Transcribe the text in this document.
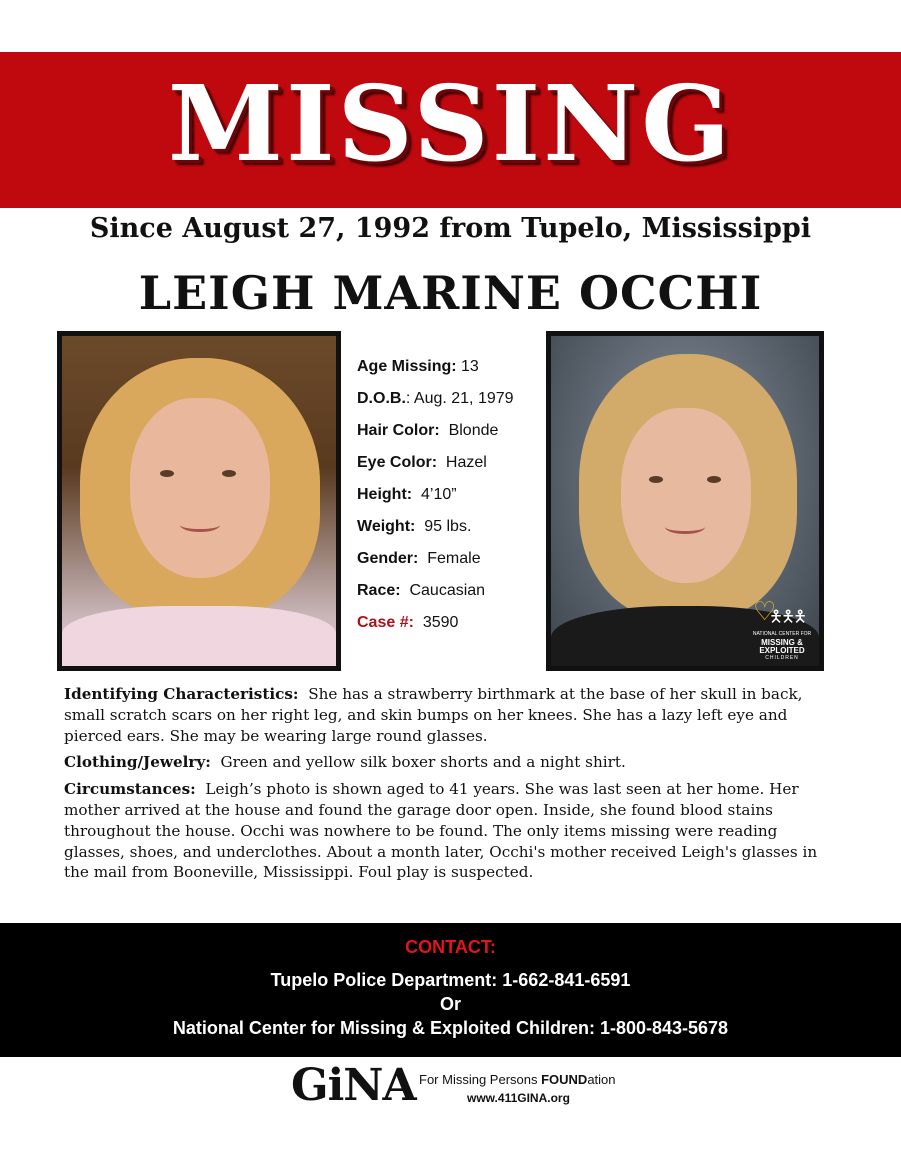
MISSING
Since August 27, 1992 from Tupelo, Mississippi
LEIGH MARINE OCCHI
Age Missing: 13
D.O.B.: Aug. 21, 1979
Hair Color: Blonde
Eye Color: Hazel
Height: 4’10”
Weight: 95 lbs.
Gender: Female
Race: Caucasian
Case #: 3590	♡
🯅🯅🯅
NATIONAL CENTER FOR
MISSING &
EXPLOITED
CHILDREN

Identifying Characteristics: She has a strawberry birthmark at the base of her skull in back, small scratch scars on her right leg, and skin bumps on her knees. She has a lazy left eye and pierced ears. She may be wearing large round glasses.

Clothing/Jewelry: Green and yellow silk boxer shorts and a night shirt.

Circumstances: Leigh’s photo is shown aged to 41 years. She was last seen at her home. Her mother arrived at the house and found the garage door open. Inside, she found blood stains throughout the house. Occhi was nowhere to be found. The only items missing were reading glasses, shoes, and underclothes. About a month later, Occhi's mother received Leigh's glasses in the mail from Booneville, Mississippi. Foul play is suspected.

CONTACT:
Tupelo Police Department: 1-662-841-6591
Or
National Center for Missing & Exploited Children: 1-800-843-5678
GiNA For Missing Persons FOUNDation
www.411GINA.org
